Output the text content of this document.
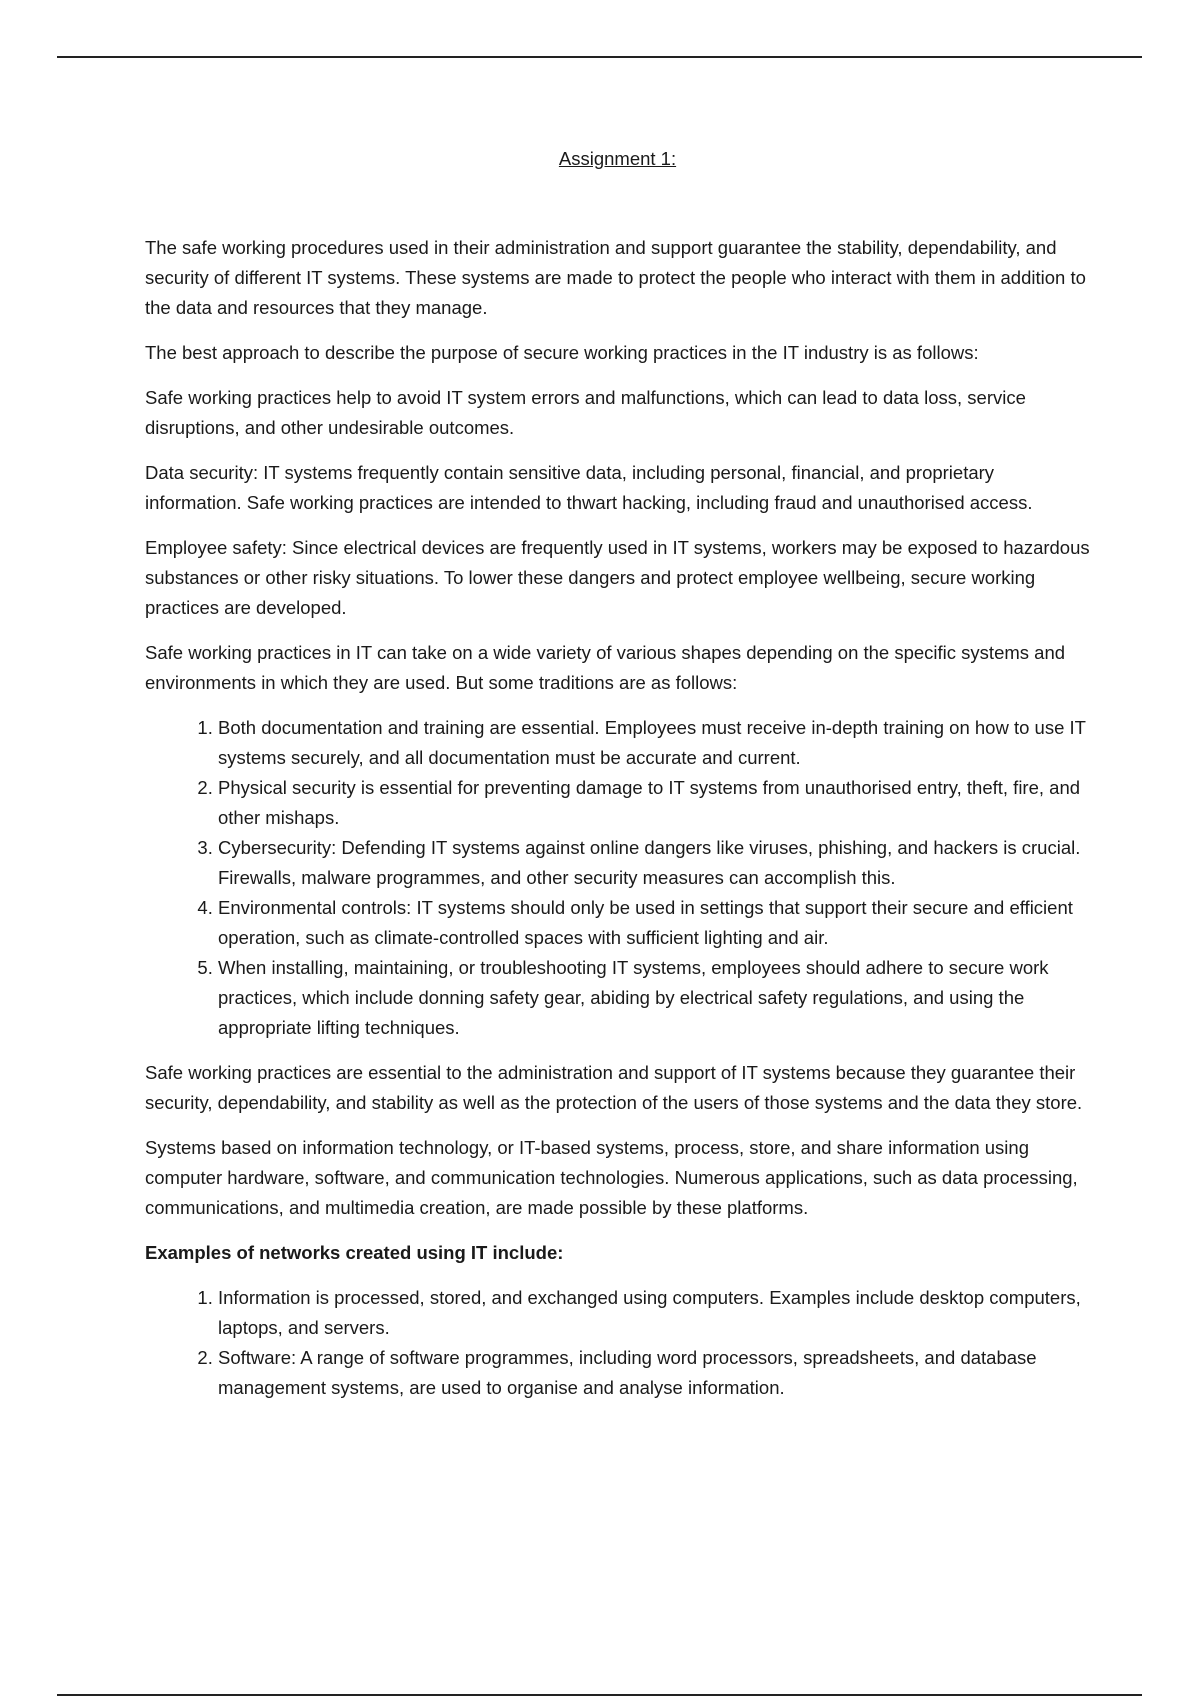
Assignment 1:

The safe working procedures used in their administration and support guarantee the stability, dependability, and security of different IT systems. These systems are made to protect the people who interact with them in addition to the data and resources that they manage.

The best approach to describe the purpose of secure working practices in the IT industry is as follows:

Safe working practices help to avoid IT system errors and malfunctions, which can lead to data loss, service disruptions, and other undesirable outcomes.

Data security: IT systems frequently contain sensitive data, including personal, financial, and proprietary information. Safe working practices are intended to thwart hacking, including fraud and unauthorised access.

Employee safety: Since electrical devices are frequently used in IT systems, workers may be exposed to hazardous substances or other risky situations. To lower these dangers and protect employee wellbeing, secure working practices are developed.

Safe working practices in IT can take on a wide variety of various shapes depending on the specific systems and environments in which they are used. But some traditions are as follows:

1. Both documentation and training are essential. Employees must receive in-depth training on how to use IT systems securely, and all documentation must be accurate and current.
2. Physical security is essential for preventing damage to IT systems from unauthorised entry, theft, fire, and other mishaps.
3. Cybersecurity: Defending IT systems against online dangers like viruses, phishing, and hackers is crucial. Firewalls, malware programmes, and other security measures can accomplish this.
4. Environmental controls: IT systems should only be used in settings that support their secure and efficient operation, such as climate-controlled spaces with sufficient lighting and air.
5. When installing, maintaining, or troubleshooting IT systems, employees should adhere to secure work practices, which include donning safety gear, abiding by electrical safety regulations, and using the appropriate lifting techniques.

Safe working practices are essential to the administration and support of IT systems because they guarantee their security, dependability, and stability as well as the protection of the users of those systems and the data they store.

Systems based on information technology, or IT-based systems, process, store, and share information using computer hardware, software, and communication technologies. Numerous applications, such as data processing, communications, and multimedia creation, are made possible by these platforms.

Examples of networks created using IT include:

1. Information is processed, stored, and exchanged using computers. Examples include desktop computers, laptops, and servers.
2. Software: A range of software programmes, including word processors, spreadsheets, and database management systems, are used to organise and analyse information.
